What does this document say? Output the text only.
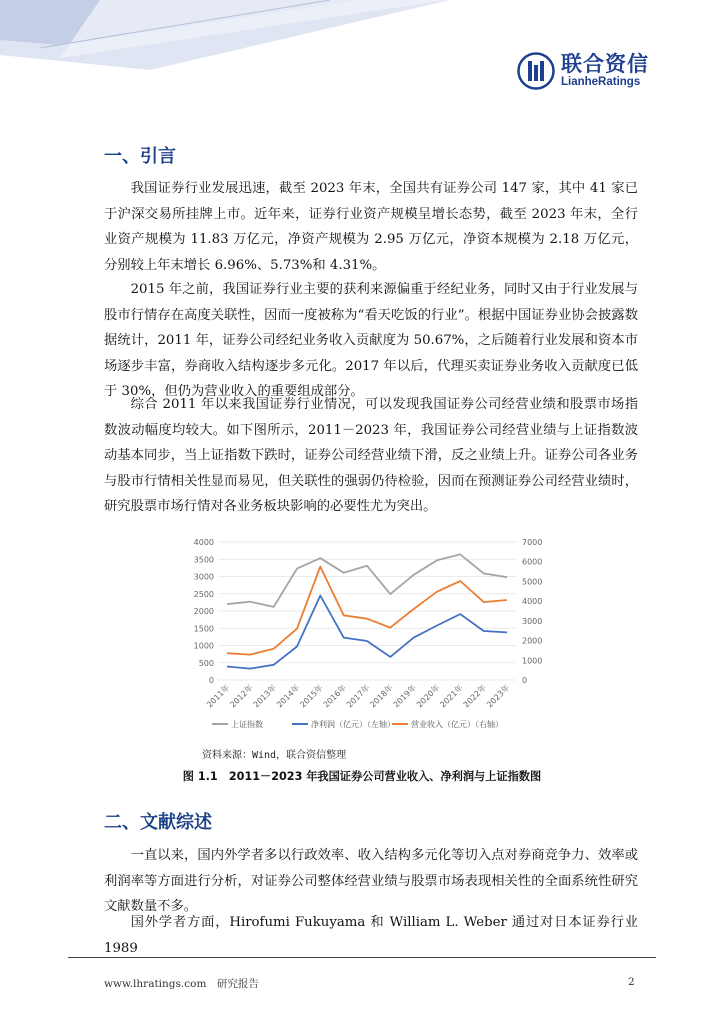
联合资信
LianheRatings
一、引言

我国证券行业发展迅速，截至 2023 年末，全国共有证券公司 147 家，其中 41 家已于沪深交易所挂牌上市。近年来，证券行业资产规模呈增长态势，截至 2023 年末，全行业资产规模为 11.83 万亿元，净资产规模为 2.95 万亿元，净资本规模为 2.18 万亿元，分别较上年末增长 6.96%、5.73%和 4.31%。

2015 年之前，我国证券行业主要的获利来源偏重于经纪业务，同时又由于行业发展与股市行情存在高度关联性，因而一度被称为“看天吃饭的行业”。根据中国证券业协会披露数据统计，2011 年，证券公司经纪业务收入贡献度为 50.67%，之后随着行业发展和资本市场逐步丰富，券商收入结构逐步多元化。2017 年以后，代理买卖证券业务收入贡献度已低于 30%，但仍为营业收入的重要组成部分。

综合 2011 年以来我国证券行业情况，可以发现我国证券公司经营业绩和股票市场指数波动幅度均较大。如下图所示，2011－2023 年，我国证券公司经营业绩与上证指数波动基本同步，当上证指数下跌时，证券公司经营业绩下滑，反之业绩上升。证券公司各业务与股市行情相关性显而易见，但关联性的强弱仍待检验，因而在预测证券公司经营业绩时，研究股票市场行情对各业务板块影响的必要性尤为突出。

0
500
1000
1500
2000
2500
3000
3500
4000
0
1000
2000
3000
4000
5000
6000
7000
2011年
2012年
2013年
2014年
2015年
2016年
2017年
2018年
2019年
2020年
2021年
2022年
2023年
上证指数	净利润（亿元）（左轴） 营业收入（亿元）（右轴）
资料来源：Wind，联合资信整理
图 1.1　2011－2023 年我国证券公司营业收入、净利润与上证指数图
二、文献综述

一直以来，国内外学者多以行政效率、收入结构多元化等切入点对券商竞争力、效率或利润率等方面进行分析，对证券公司整体经营业绩与股票市场表现相关性的全面系统性研究文献数量不多。

国外学者方面，Hirofumi Fukuyama 和 William L. Weber 通过对日本证券行业 1989

www.lhratings.com　研究报告	2
